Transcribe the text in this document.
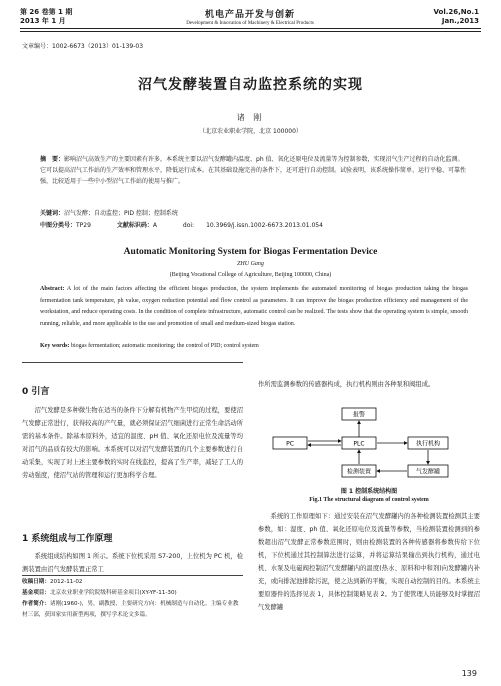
第 26 卷第 1 期
2013 年 1 月
机电产品开发与创新
Development & Innovation of Machinery & Electrical Products
Vol.26,No.1
Jan.,2013
文章编号：1002-6673（2013）01-139-03
沼气发酵装置自动监控系统的实现
诸 刚
（北京农业职业学院，北京 100000）
摘　要：影响沼气高效生产的主要因素有许多，本系统主要以沼气发酵罐内温度、ph 值、氧化还原电位及流量等为控制参数，实现沼气生产过程的自动化监测。它可以提高沼气工作站的生产效率和管理水平，降低运行成本。在其基础设施完善的条件下，还可进行自动控制。试验表明，该系统操作简单、运行平稳、可靠性强，比较适用于一些中小型沼气工作站的使用与推广。
关键词：沼气发酵；自动监控；PID 控制；控制系统
中图分类号：TP29	文献标识码：A	doi: 10.3969/j.issn.1002-6673.2013.01.054
Automatic Monitoring System for Biogas Fermentation Device
ZHU Gang
(Beijing Vocational College of Agriculture, Beijing 100000, China)
Abstract: A lot of the main factors affecting the efficient biogas production, the system implements the automated monitoring of biogas production taking the biogas fermentation tank temperature, ph value, oxygen reduction potential and flow control as parameters. It can improve the biogas production efficiency and management of the workstation, and reduce operating costs. In the condition of complete infrastructure, automatic control can be realized. The tests show that the operating system is simple, smooth running, reliable, and more applicable to the use and promotion of small and medium-sized biogas station.
Key words: biogas fermentation; automatic monitoring; the control of PID; control system
0 引言

沼气发酵是多种微生物在适当的条件下分解有机物产生甲烷的过程，要使沼气发酵正常进行，获得较高的产气量，就必须保证沼气细菌进行正常生命活动所需的基本条件。除基本原料外，适宜的温度、pH 值、氧化还原电位及流量等均对沼气的品质有较大的影响。本系统可以对沼气发酵装置的几个主要参数进行自动采集，实现了对上述主要参数的实时在线监控，提高了生产率，减轻了工人的劳动强度，使沼气站的管理和运行更加科学合理。

1 系统组成与工作原理

系统组成结构如图 1 所示。系统下位机采用 S7-200，上位机为 PC 机，检测装置由沼气发酵装置正常工

收稿日期：2012-11-02
基金项目：北京农业职业学院院级科研基金项目(XY-YF-11-30)
作者简介：诸刚(1960-)，男，副教授，主要研究方向：机械制造与自动化。主编专业教材三部，获国家实用新型两项，撰写学术论文多篇。

作所需监测参数的传感器构成，执行机构则由各种泵和阀组成。

报警
PC	PLC	执行机构
检测装置	气发酵罐
图 1 控制系统结构图
Fig.1 The structural diagram of control system

系统的工作原理如下：通过安装在沼气发酵罐内的各种检测装置检测其主要参数，如：湿度、ph 值、氧化还原电位及流量等参数，当检测装置检测到的参数超出沼气发酵正常参数范围时，则由检测装置的各种传感器将参数传给下位机，下位机通过其控制算法进行运算，并将运算结果输出到执行机构，通过电机、水泵及电磁阀控制沼气发酵罐内的温度(热水、原料和中和剂)向发酵罐内补充，或向排泥池排除污泥，使之达到新的平衡，实现自动控制的目的。本系统主要原器件的选择见表 1，具体控制策略见表 2。为了使管理人员能够及时掌握沼气发酵罐

139
